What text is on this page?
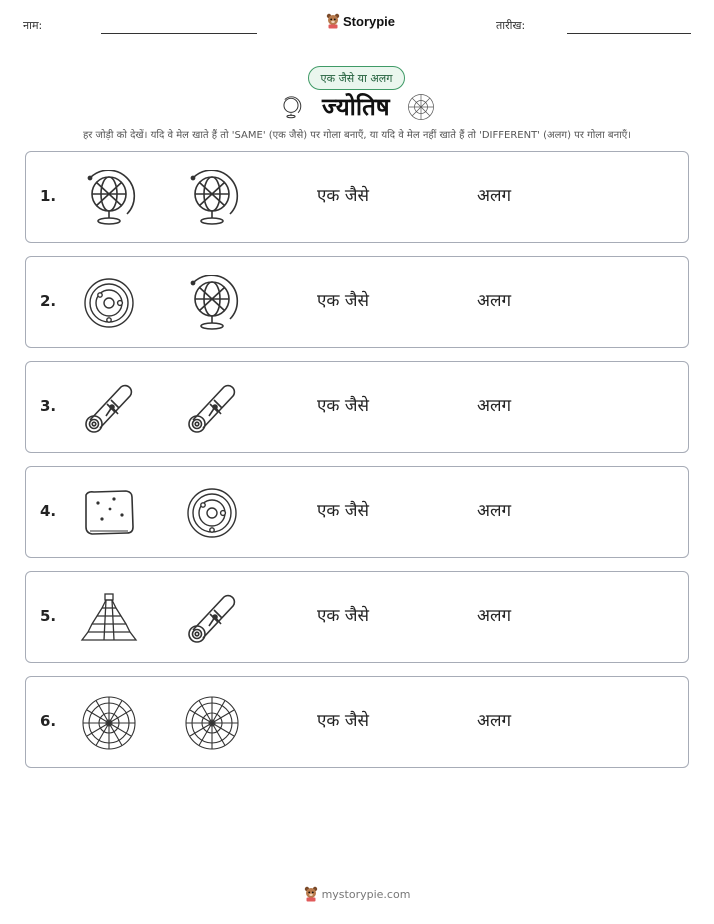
नाम:	Storypie	तारीख:
एक जैसे या अलग
ज्योतिष
हर जोड़ी को देखें। यदि वे मेल खाते हैं तो 'SAME' (एक जैसे) पर गोला बनाएँ, या यदि वे मेल नहीं खाते हैं तो 'DIFFERENT' (अलग) पर गोला बनाएँ।
1.	एक जैसे	अलग
2.	एक जैसे	अलग
3.	एक जैसे	अलग
4.	एक जैसे	अलग
5.	एक जैसे	अलग
6.	एक जैसे	अलग
mystorypie.com
